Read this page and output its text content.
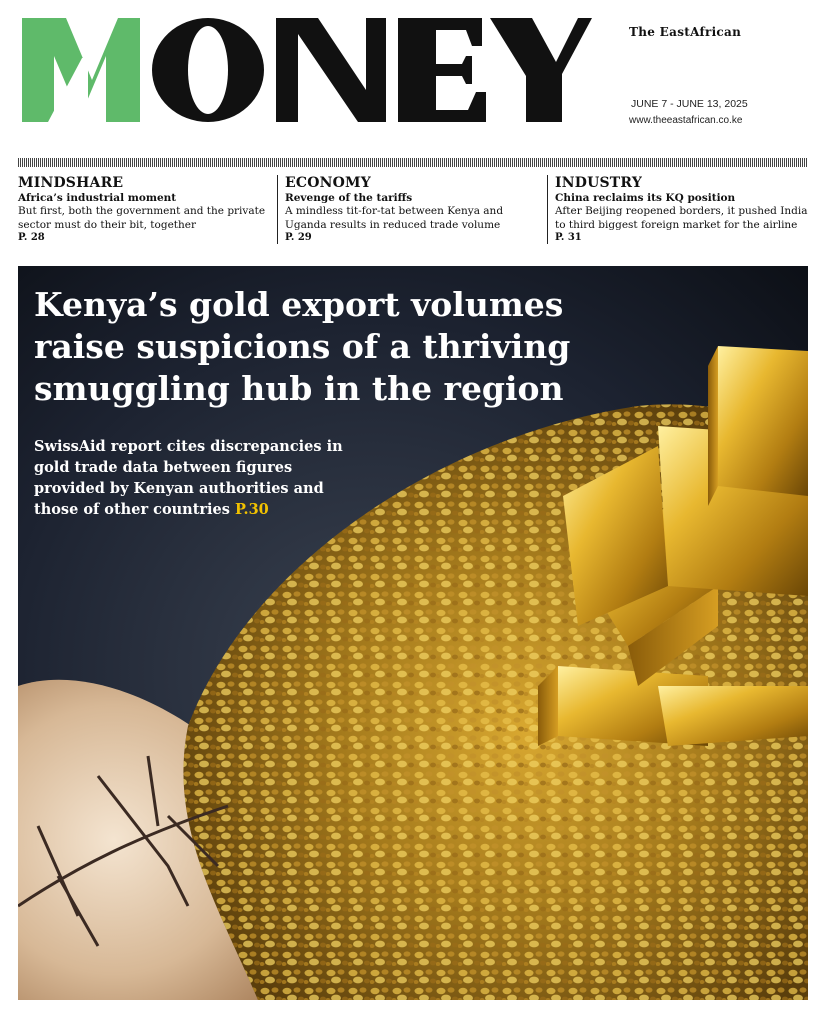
The EastAfrican
JUNE 7 - JUNE 13, 2025
www.theeastafrican.co.ke
MINDSHARE
Africa’s industrial moment
But first, both the government and the private sector must do their bit, together
P. 28
ECONOMY
Revenge of the tariffs
A mindless tit-for-tat between Kenya and Uganda results in reduced trade volume
P. 29
INDUSTRY
China reclaims its KQ position
After Beijing reopened borders, it pushed India to third biggest foreign market for the airline
P. 31
Kenya’s gold export volumes raise suspicions of a thriving smuggling hub in the region
SwissAid report cites discrepancies in gold trade data between figures provided by Kenyan authorities and those of other countries P.30
